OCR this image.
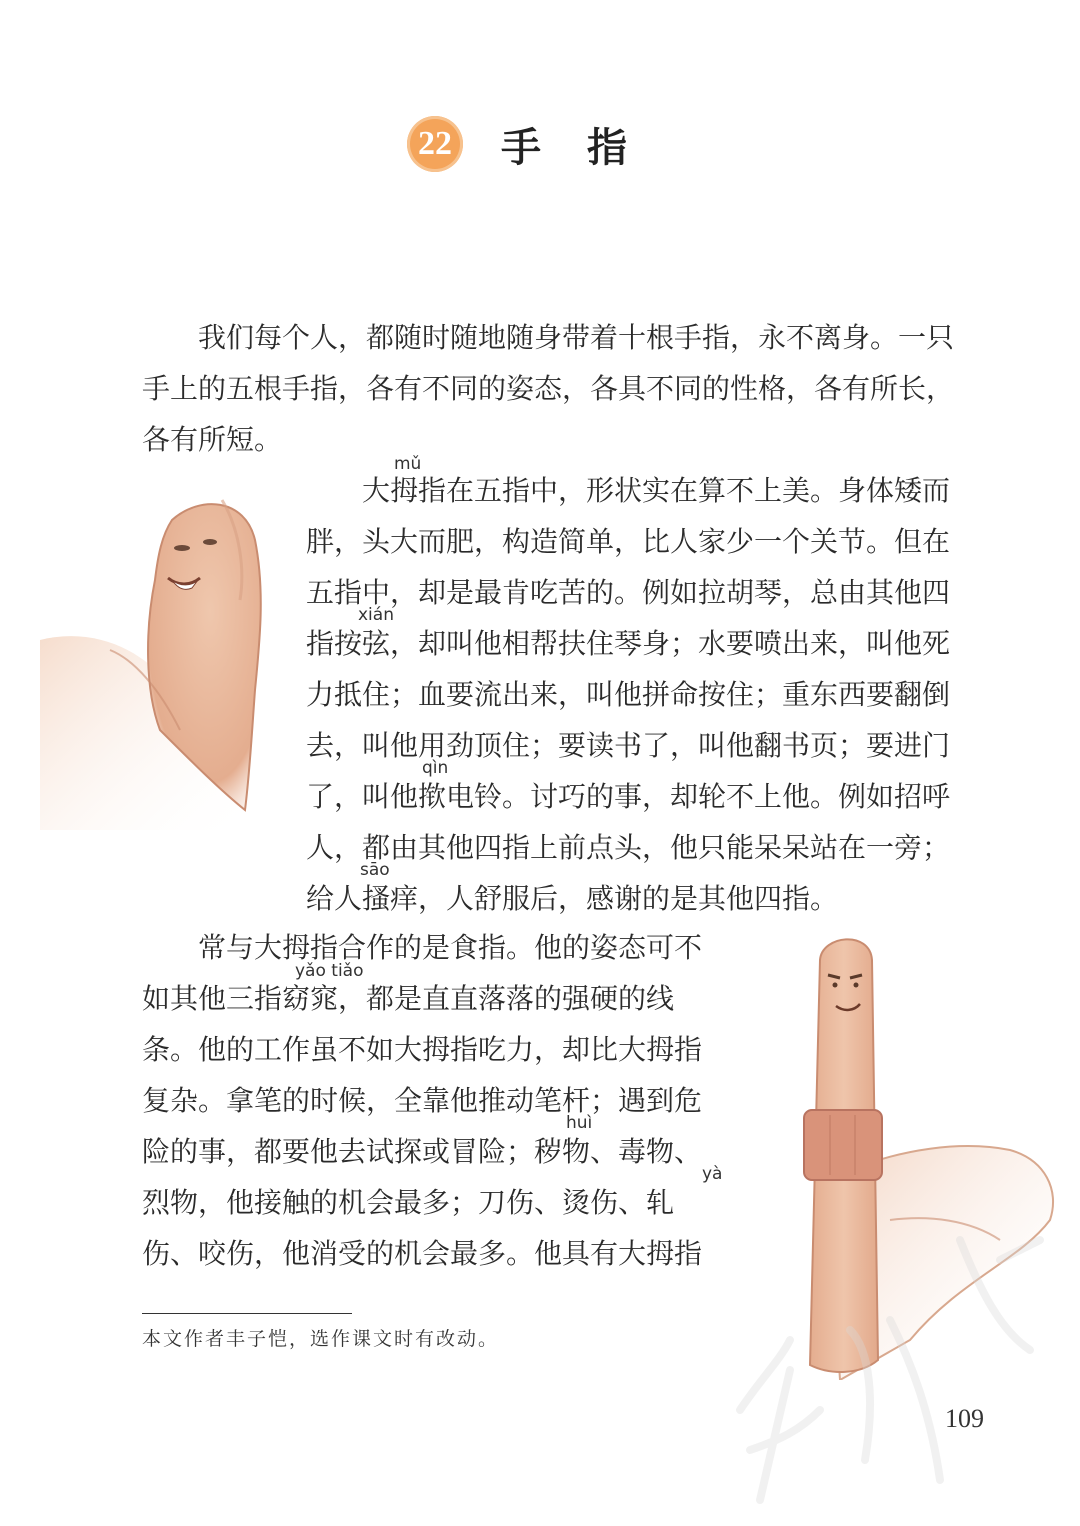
22 手指
我们每个人，都随时随地随身带着十根手指，永不离身。一只
手上的五根手指，各有不同的姿态，各具不同的性格，各有所长，
各有所短。
大拇指在五指中，形状实在算不上美。身体矮而
胖，头大而肥，构造简单，比人家少一个关节。但在
五指中，却是最肯吃苦的。例如拉胡琴，总由其他四
指按弦，却叫他相帮扶住琴身；水要喷出来，叫他死
力抵住；血要流出来，叫他拼命按住；重东西要翻倒
去，叫他用劲顶住；要读书了，叫他翻书页；要进门
了，叫他揿电铃。讨巧的事，却轮不上他。例如招呼
人，都由其他四指上前点头，他只能呆呆站在一旁；
给人搔痒，人舒服后，感谢的是其他四指。
常与大拇指合作的是食指。他的姿态可不
如其他三指窈窕，都是直直落落的强硬的线
条。他的工作虽不如大拇指吃力，却比大拇指
复杂。拿笔的时候，全靠他推动笔杆；遇到危
险的事，都要他去试探或冒险；秽物、毒物、
烈物，他接触的机会最多；刀伤、烫伤、轧
伤、咬伤，他消受的机会最多。他具有大拇指
mǔ
xián
qìn
sāo
yǎo tiǎo
huì
yà
本文作者丰子恺，选作课文时有改动。
109
